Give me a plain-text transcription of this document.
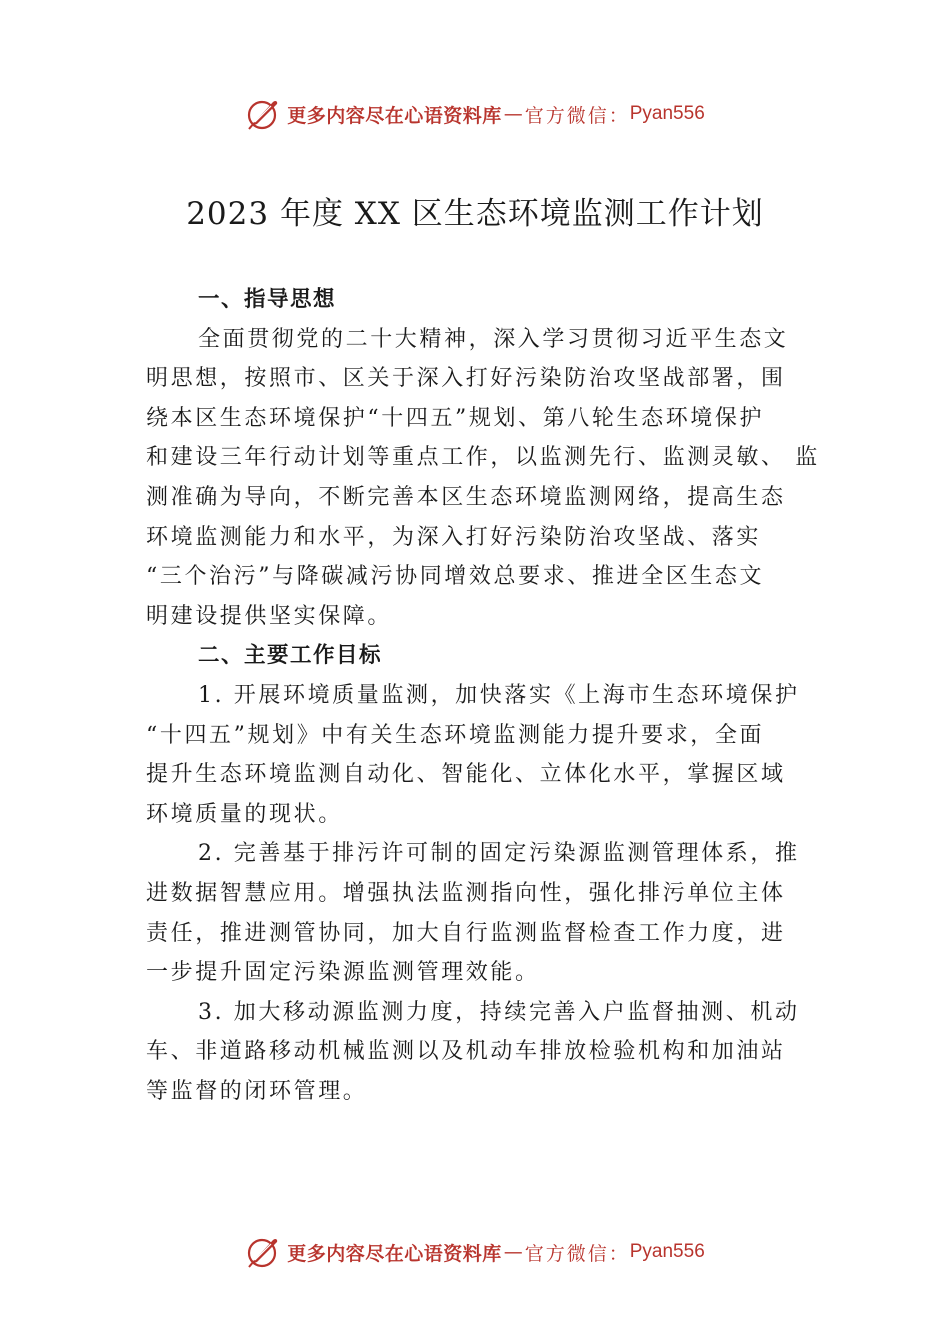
更多内容尽在心语资料库 — 官方微信： Pyan556
2023 年度 XX 区生态环境监测工作计划
一、指导思想
全面贯彻党的二十大精神，深入学习贯彻习近平生态文
明思想，按照市、区关于深入打好污染防治攻坚战部署，围
绕本区生态环境保护“十四五”规划、第八轮生态环境保护
和建设三年行动计划等重点工作，以监测先行、监测灵敏、 监
测准确为导向，不断完善本区生态环境监测网络，提高生态
环境监测能力和水平，为深入打好污染防治攻坚战、落实
“三个治污”与降碳减污协同增效总要求、推进全区生态文
明建设提供坚实保障。
二、主要工作目标
1. 开展环境质量监测，加快落实《上海市生态环境保护
“十四五”规划》中有关生态环境监测能力提升要求，全面
提升生态环境监测自动化、智能化、立体化水平，掌握区域
环境质量的现状。
2. 完善基于排污许可制的固定污染源监测管理体系，推
进数据智慧应用。增强执法监测指向性，强化排污单位主体
责任，推进测管协同，加大自行监测监督检查工作力度，进
一步提升固定污染源监测管理效能。
3. 加大移动源监测力度，持续完善入户监督抽测、机动
车、非道路移动机械监测以及机动车排放检验机构和加油站
等监督的闭环管理。
更多内容尽在心语资料库 — 官方微信： Pyan556
